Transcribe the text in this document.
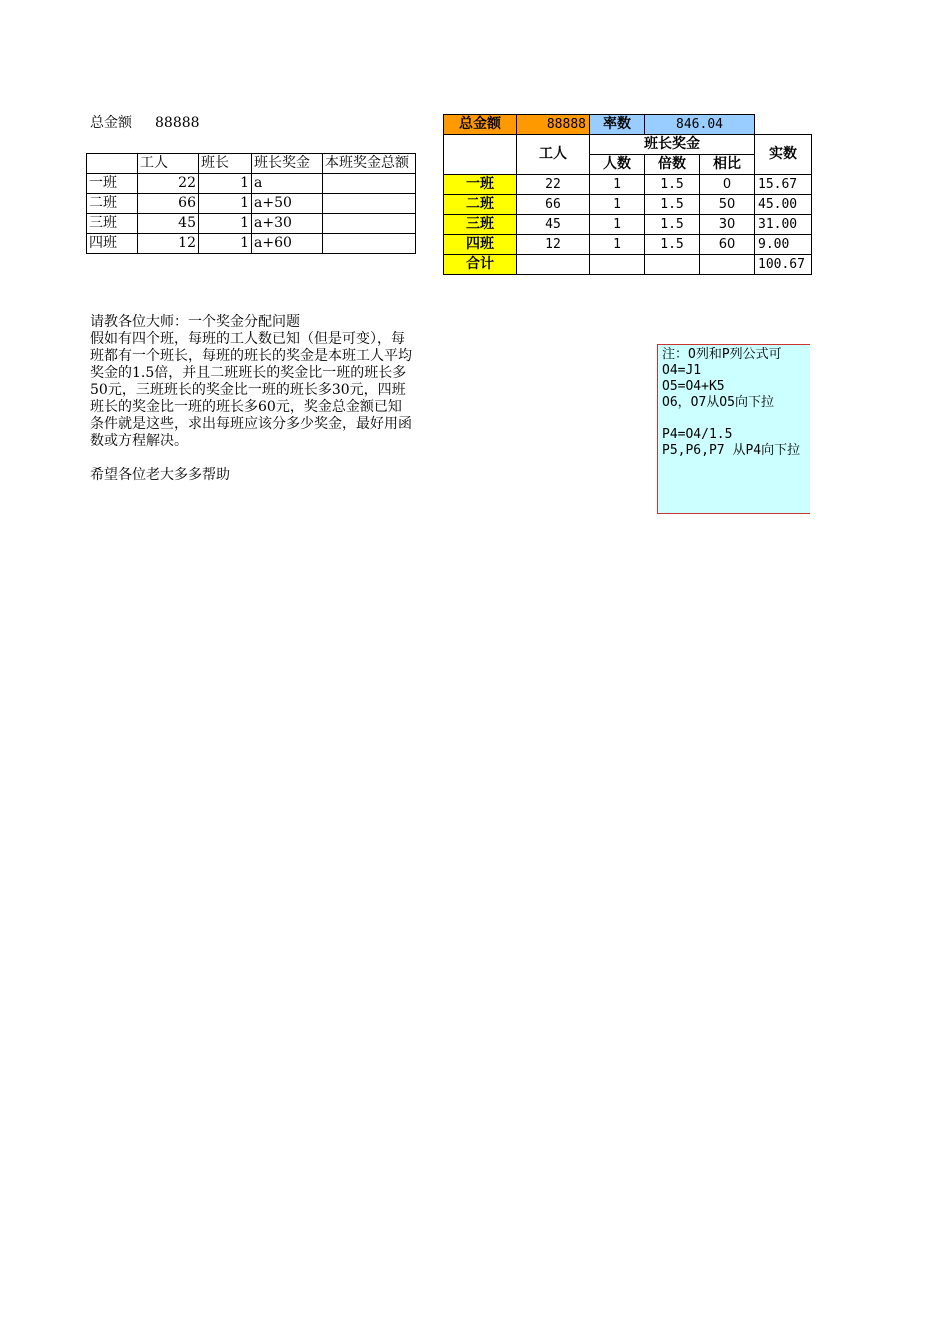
总金额 88888
	工人	班长	班长奖金	本班奖金总额
一班	22	1	a	
二班	66	1	a+50	
三班	45	1	a+30	
四班	12	1	a+60	
总金额	88888	率数	846.04		
	工人	班长奖金			实数
		人数	倍数	相比	
一班	22	1	1.5	0	15.67
二班	66	1	1.5	50	45.00
三班	45	1	1.5	30	31.00
四班	12	1	1.5	60	9.00
合计					100.67

请教各位大师：一个奖金分配问题

假如有四个班，每班的工人数已知（但是可变），每班都有一个班长，每班的班长的奖金是本班工人平均奖金的1.5倍，并且二班班长的奖金比一班的班长多50元，三班班长的奖金比一班的班长多30元，四班班长的奖金比一班的班长多60元，奖金总金额已知条件就是这些，求出每班应该分多少奖金，最好用函数或方程解决。

希望各位老大多多帮助

注：O列和P列公式可
O4=J1
O5=O4+K5
O6，O7从O5向下拉
P4=O4/1.5
P5,P6,P7 从P4向下拉
